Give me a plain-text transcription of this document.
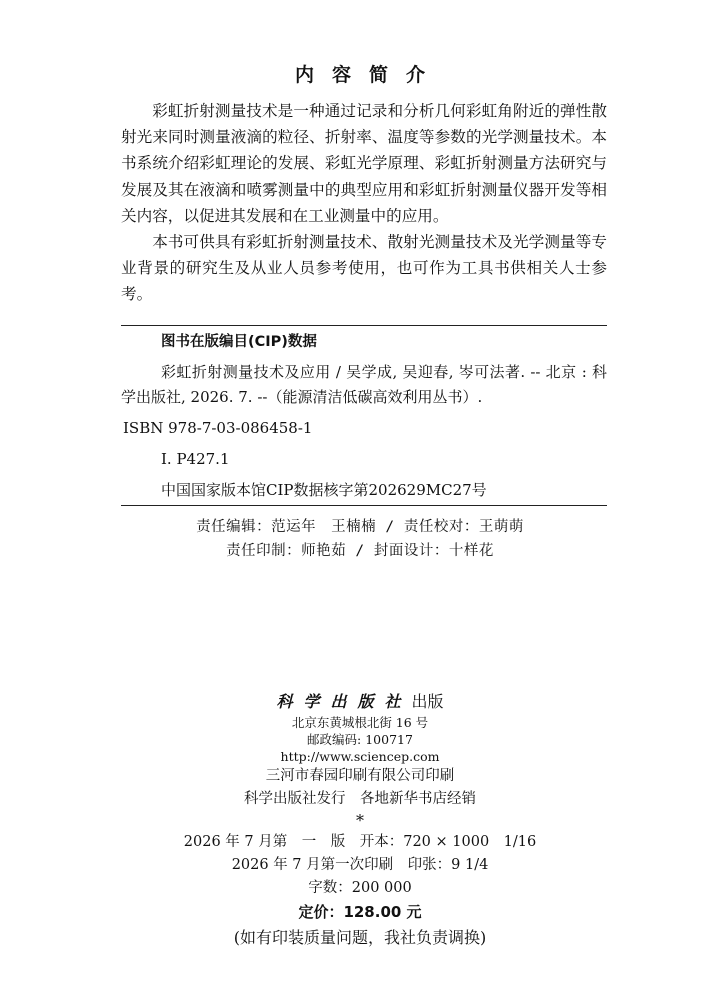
内 容 简 介

彩虹折射测量技术是一种通过记录和分析几何彩虹角附近的弹性散射光来同时测量液滴的粒径、折射率、温度等参数的光学测量技术。本书系统介绍彩虹理论的发展、彩虹光学原理、彩虹折射测量方法研究与发展及其在液滴和喷雾测量中的典型应用和彩虹折射测量仪器开发等相关内容，以促进其发展和在工业测量中的应用。

本书可供具有彩虹折射测量技术、散射光测量技术及光学测量等专业背景的研究生及从业人员参考使用，也可作为工具书供相关人士参考。

图书在版编目(CIP)数据
彩虹折射测量技术及应用 / 吴学成, 吴迎春, 岑可法著. -- 北京 : 科学出版社, 2026. 7. --（能源清洁低碳高效利用丛书）.
ISBN 978-7-03-086458-1
Ⅰ. P427.1
中国国家版本馆CIP数据核字第202629MC27号
责任编辑：范运年　王楠楠 / 责任校对：王萌萌
责任印制：师艳茹 / 封面设计：十样花
科学出版社出版
北京东黄城根北街 16 号
邮政编码: 100717
http://www.sciencep.com
三河市春园印刷有限公司印刷
科学出版社发行　各地新华书店经销
*
2026 年 7 月第　一　版　开本：720 × 1000　1/16
2026 年 7 月第一次印刷　印张：9 1/4
字数：200 000
定价：128.00 元
(如有印装质量问题，我社负责调换)
